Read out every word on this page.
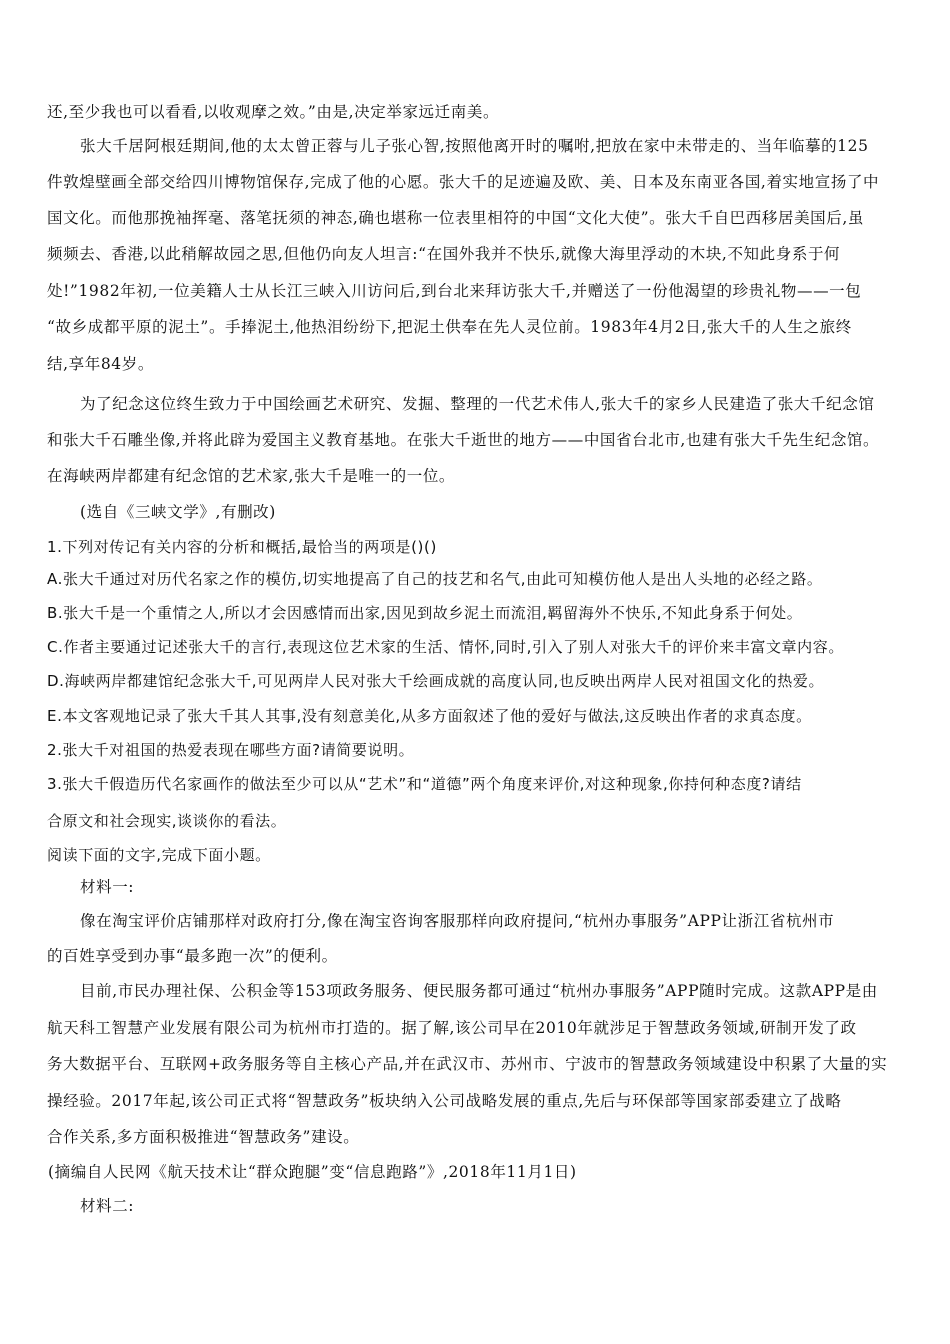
还,至少我也可以看看,以收观摩之效。”由是,决定举家远迁南美。
张大千居阿根廷期间,他的太太曾正蓉与儿子张心智,按照他离开时的嘱咐,把放在家中未带走的、当年临摹的125
件敦煌壁画全部交给四川博物馆保存,完成了他的心愿。张大千的足迹遍及欧、美、日本及东南亚各国,着实地宣扬了中
国文化。而他那挽袖挥毫、落笔抚须的神态,确也堪称一位表里相符的中国“文化大使”。张大千自巴西移居美国后,虽
频频去、香港,以此稍解故园之思,但他仍向友人坦言:“在国外我并不快乐,就像大海里浮动的木块,不知此身系于何
处!”1982年初,一位美籍人士从长江三峡入川访问后,到台北来拜访张大千,并赠送了一份他渴望的珍贵礼物——一包
“故乡成都平原的泥土”。手捧泥土,他热泪纷纷下,把泥土供奉在先人灵位前。1983年4月2日,张大千的人生之旅终
结,享年84岁。
为了纪念这位终生致力于中国绘画艺术研究、发掘、整理的一代艺术伟人,张大千的家乡人民建造了张大千纪念馆
和张大千石雕坐像,并将此辟为爱国主义教育基地。在张大千逝世的地方——中国省台北市,也建有张大千先生纪念馆。
在海峡两岸都建有纪念馆的艺术家,张大千是唯一的一位。
(选自《三峡文学》,有删改)
1.下列对传记有关内容的分析和概括,最恰当的两项是()()
A.张大千通过对历代名家之作的模仿,切实地提高了自己的技艺和名气,由此可知模仿他人是出人头地的必经之路。
B.张大千是一个重情之人,所以才会因感情而出家,因见到故乡泥土而流泪,羁留海外不快乐,不知此身系于何处。
C.作者主要通过记述张大千的言行,表现这位艺术家的生活、情怀,同时,引入了别人对张大千的评价来丰富文章内容。
D.海峡两岸都建馆纪念张大千,可见两岸人民对张大千绘画成就的高度认同,也反映出两岸人民对祖国文化的热爱。
E.本文客观地记录了张大千其人其事,没有刻意美化,从多方面叙述了他的爱好与做法,这反映出作者的求真态度。
2.张大千对祖国的热爱表现在哪些方面?请简要说明。
3.张大千假造历代名家画作的做法至少可以从“艺术”和“道德”两个角度来评价,对这种现象,你持何种态度?请结
合原文和社会现实,谈谈你的看法。
阅读下面的文字,完成下面小题。
材料一:
像在淘宝评价店铺那样对政府打分,像在淘宝咨询客服那样向政府提问,“杭州办事服务”APP让浙江省杭州市
的百姓享受到办事“最多跑一次”的便利。
目前,市民办理社保、公积金等153项政务服务、便民服务都可通过“杭州办事服务”APP随时完成。这款APP是由
航天科工智慧产业发展有限公司为杭州市打造的。据了解,该公司早在2010年就涉足于智慧政务领域,研制开发了政
务大数据平台、互联网+政务服务等自主核心产品,并在武汉市、苏州市、宁波市的智慧政务领域建设中积累了大量的实
操经验。2017年起,该公司正式将“智慧政务”板块纳入公司战略发展的重点,先后与环保部等国家部委建立了战略
合作关系,多方面积极推进“智慧政务”建设。
(摘编自人民网《航天技术让“群众跑腿”变“信息跑路”》,2018年11月1日)
材料二:
